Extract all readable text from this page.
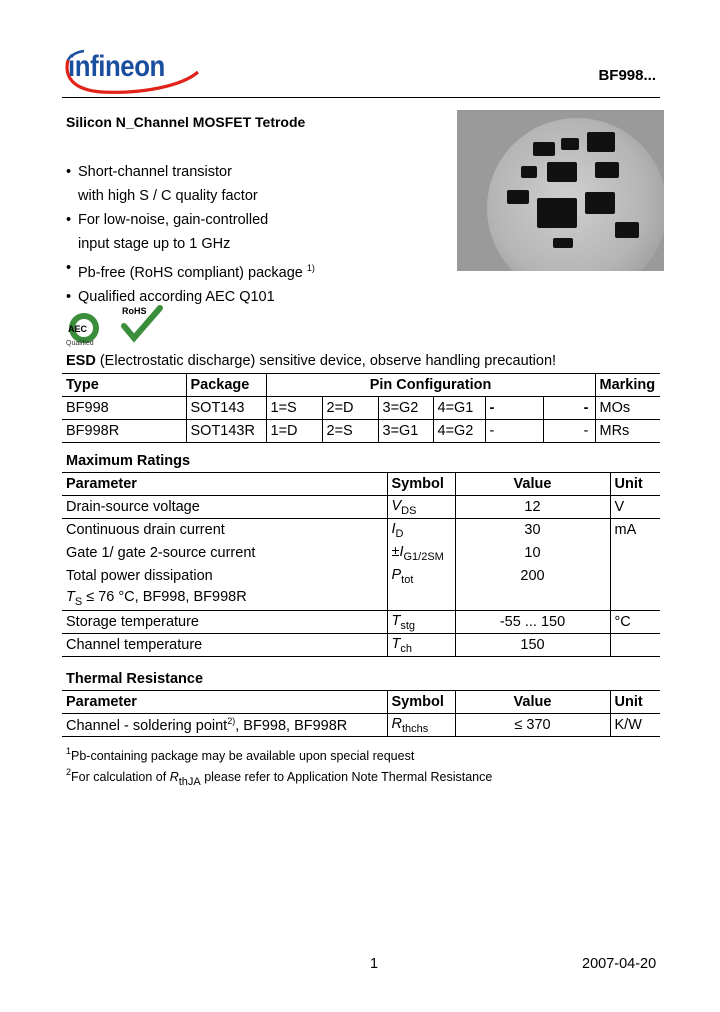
infineon	BF998...
Silicon N_Channel MOSFET Tetrode
• Short-channel transistor
with high S / C quality factor
• For low-noise, gain-controlled
input stage up to 1 GHz
• Pb-free (RoHS compliant) package $^{1)}$
• Qualified according AEC Q101
AEC
Qualified
RoHS
ESD (Electrostatic discharge) sensitive device, observe handling precaution!
Type	Package	Pin Configuration						Marking
BF998	SOT143	1=S	2=D	3=G2	4=G1	-	-	MOs
BF998R	SOT143R	1=D	2=S	3=G1	4=G2	-	-	MRs
Maximum Ratings
Parameter	Symbol	Value	Unit
Drain-source voltage	$V_{DS}$	12	V
Continuous drain current	$I_D$	30	mA
Gate 1/ gate 2-source current	$\pm I_{G1/2SM}$	10	
Total power dissipation	$P_{tot}$	200	
$T_S \le 76$ °C, BF998, BF998R			
Storage temperature	$T_{stg}$	-55 ... 150	°C
Channel temperature	$T_{ch}$	150	
Thermal Resistance
Parameter	Symbol	Value	Unit
Channel - soldering point$^{2)}$, BF998, BF998R	$R_{thchs}$	≤ 370	K/W
$^1$Pb-containing package may be available upon special request
$^2$For calculation of $R_{thJA}$ please refer to Application Note Thermal Resistance
1	2007-04-20
